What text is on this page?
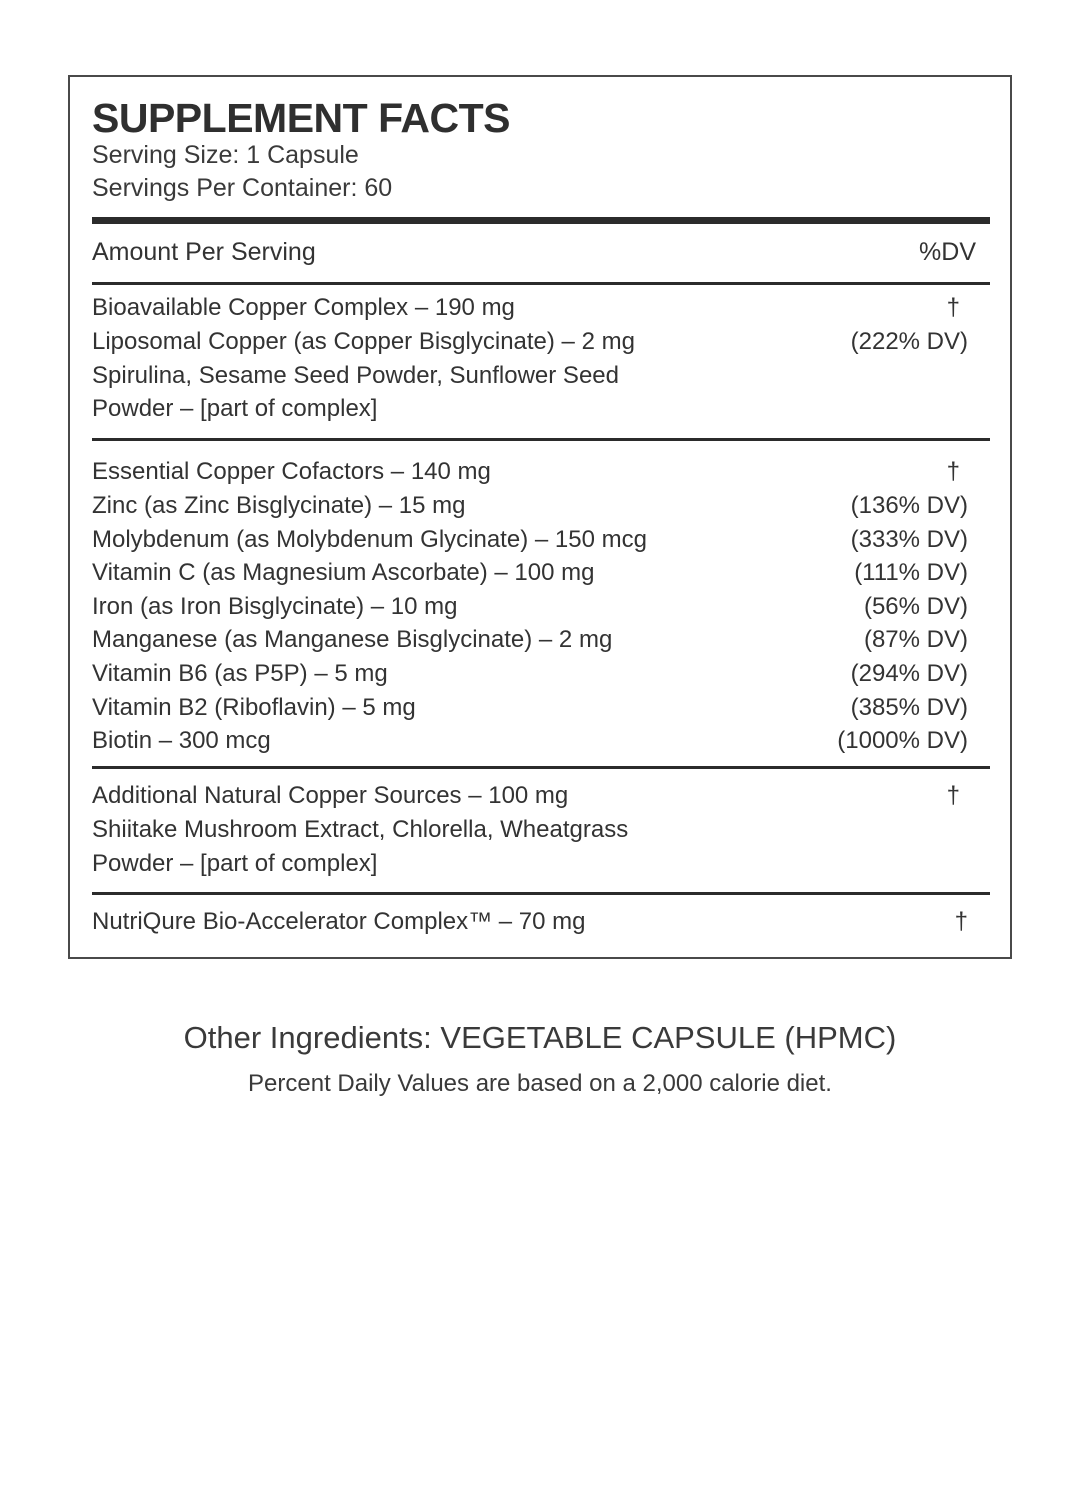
SUPPLEMENT FACTS
Serving Size: 1 Capsule
Servings Per Container: 60
Amount Per Serving	%DV
Bioavailable Copper Complex – 190 mg	†
Liposomal Copper (as Copper Bisglycinate) – 2 mg	(222% DV)
Spirulina, Sesame Seed Powder, Sunflower Seed
Powder – [part of complex]
Essential Copper Cofactors – 140 mg	†
Zinc (as Zinc Bisglycinate) – 15 mg	(136% DV)
Molybdenum (as Molybdenum Glycinate) – 150 mcg	(333% DV)
Vitamin C (as Magnesium Ascorbate) – 100 mg	(111% DV)
Iron (as Iron Bisglycinate) – 10 mg	(56% DV)
Manganese (as Manganese Bisglycinate) – 2 mg	(87% DV)
Vitamin B6 (as P5P) – 5 mg	(294% DV)
Vitamin B2 (Riboflavin) – 5 mg	(385% DV)
Biotin – 300 mcg	(1000% DV)
Additional Natural Copper Sources – 100 mg	†
Shiitake Mushroom Extract, Chlorella, Wheatgrass
Powder – [part of complex]
NutriQure Bio-Accelerator Complex™ – 70 mg	†
Other Ingredients: VEGETABLE CAPSULE (HPMC)
Percent Daily Values are based on a 2,000 calorie diet.
